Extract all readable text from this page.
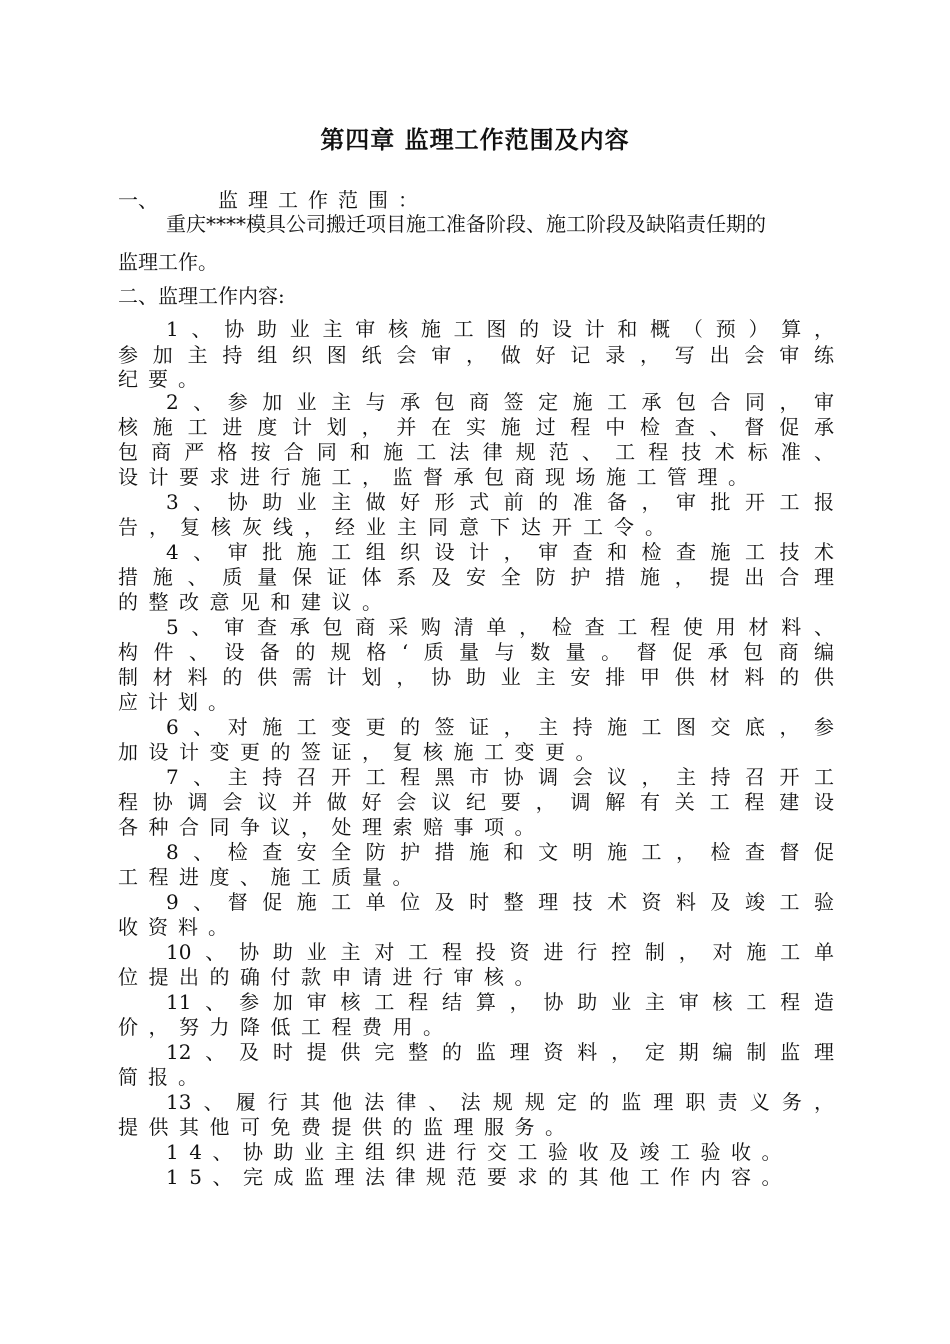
第四章 监理工作范围及内容
一、	监理工作范围：

重庆****模具公司搬迁项目施工准备阶段、施工阶段及缺陷责任期的

监理工作。

二、监理工作内容:

1、协助业主审核施工图的设计和概（预）算，

参加主持组织图纸会审，做好记录，写出会审练

纪要。

2、参加业主与承包商签定施工承包合同，审

核施工进度计划，并在实施过程中检查、督促承

包商严格按合同和施工法律规范、工程技术标准、

设计要求进行施工，监督承包商现场施工管理。

3、协助业主做好形式前的准备，审批开工报

告，复核灰线，经业主同意下达开工令。

4、审批施工组织设计，审查和检查施工技术

措施、质量保证体系及安全防护措施，提出合理

的整改意见和建议。

5、审查承包商采购清单，检查工程使用材料、

构件、设备的规格‘质量与数量。督促承包商编

制材料的供需计划，协助业主安排甲供材料的供

应计划。

6、对施工变更的签证，主持施工图交底，参

加设计变更的签证，复核施工变更。

7、主持召开工程黑市协调会议，主持召开工

程协调会议并做好会议纪要，调解有关工程建设

各种合同争议，处理索赔事项。

8、检查安全防护措施和文明施工，检查督促

工程进度、施工质量。

9、督促施工单位及时整理技术资料及竣工验

收资料。

10、协助业主对工程投资进行控制，对施工单

位提出的确付款申请进行审核。

11、参加审核工程结算，协助业主审核工程造

价，努力降低工程费用。

12、及时提供完整的监理资料，定期编制监理

简报。

13、履行其他法律、法规规定的监理职责义务，

提供其他可免费提供的监理服务。

14、协助业主组织进行交工验收及竣工验收。

15、完成监理法律规范要求的其他工作内容。
